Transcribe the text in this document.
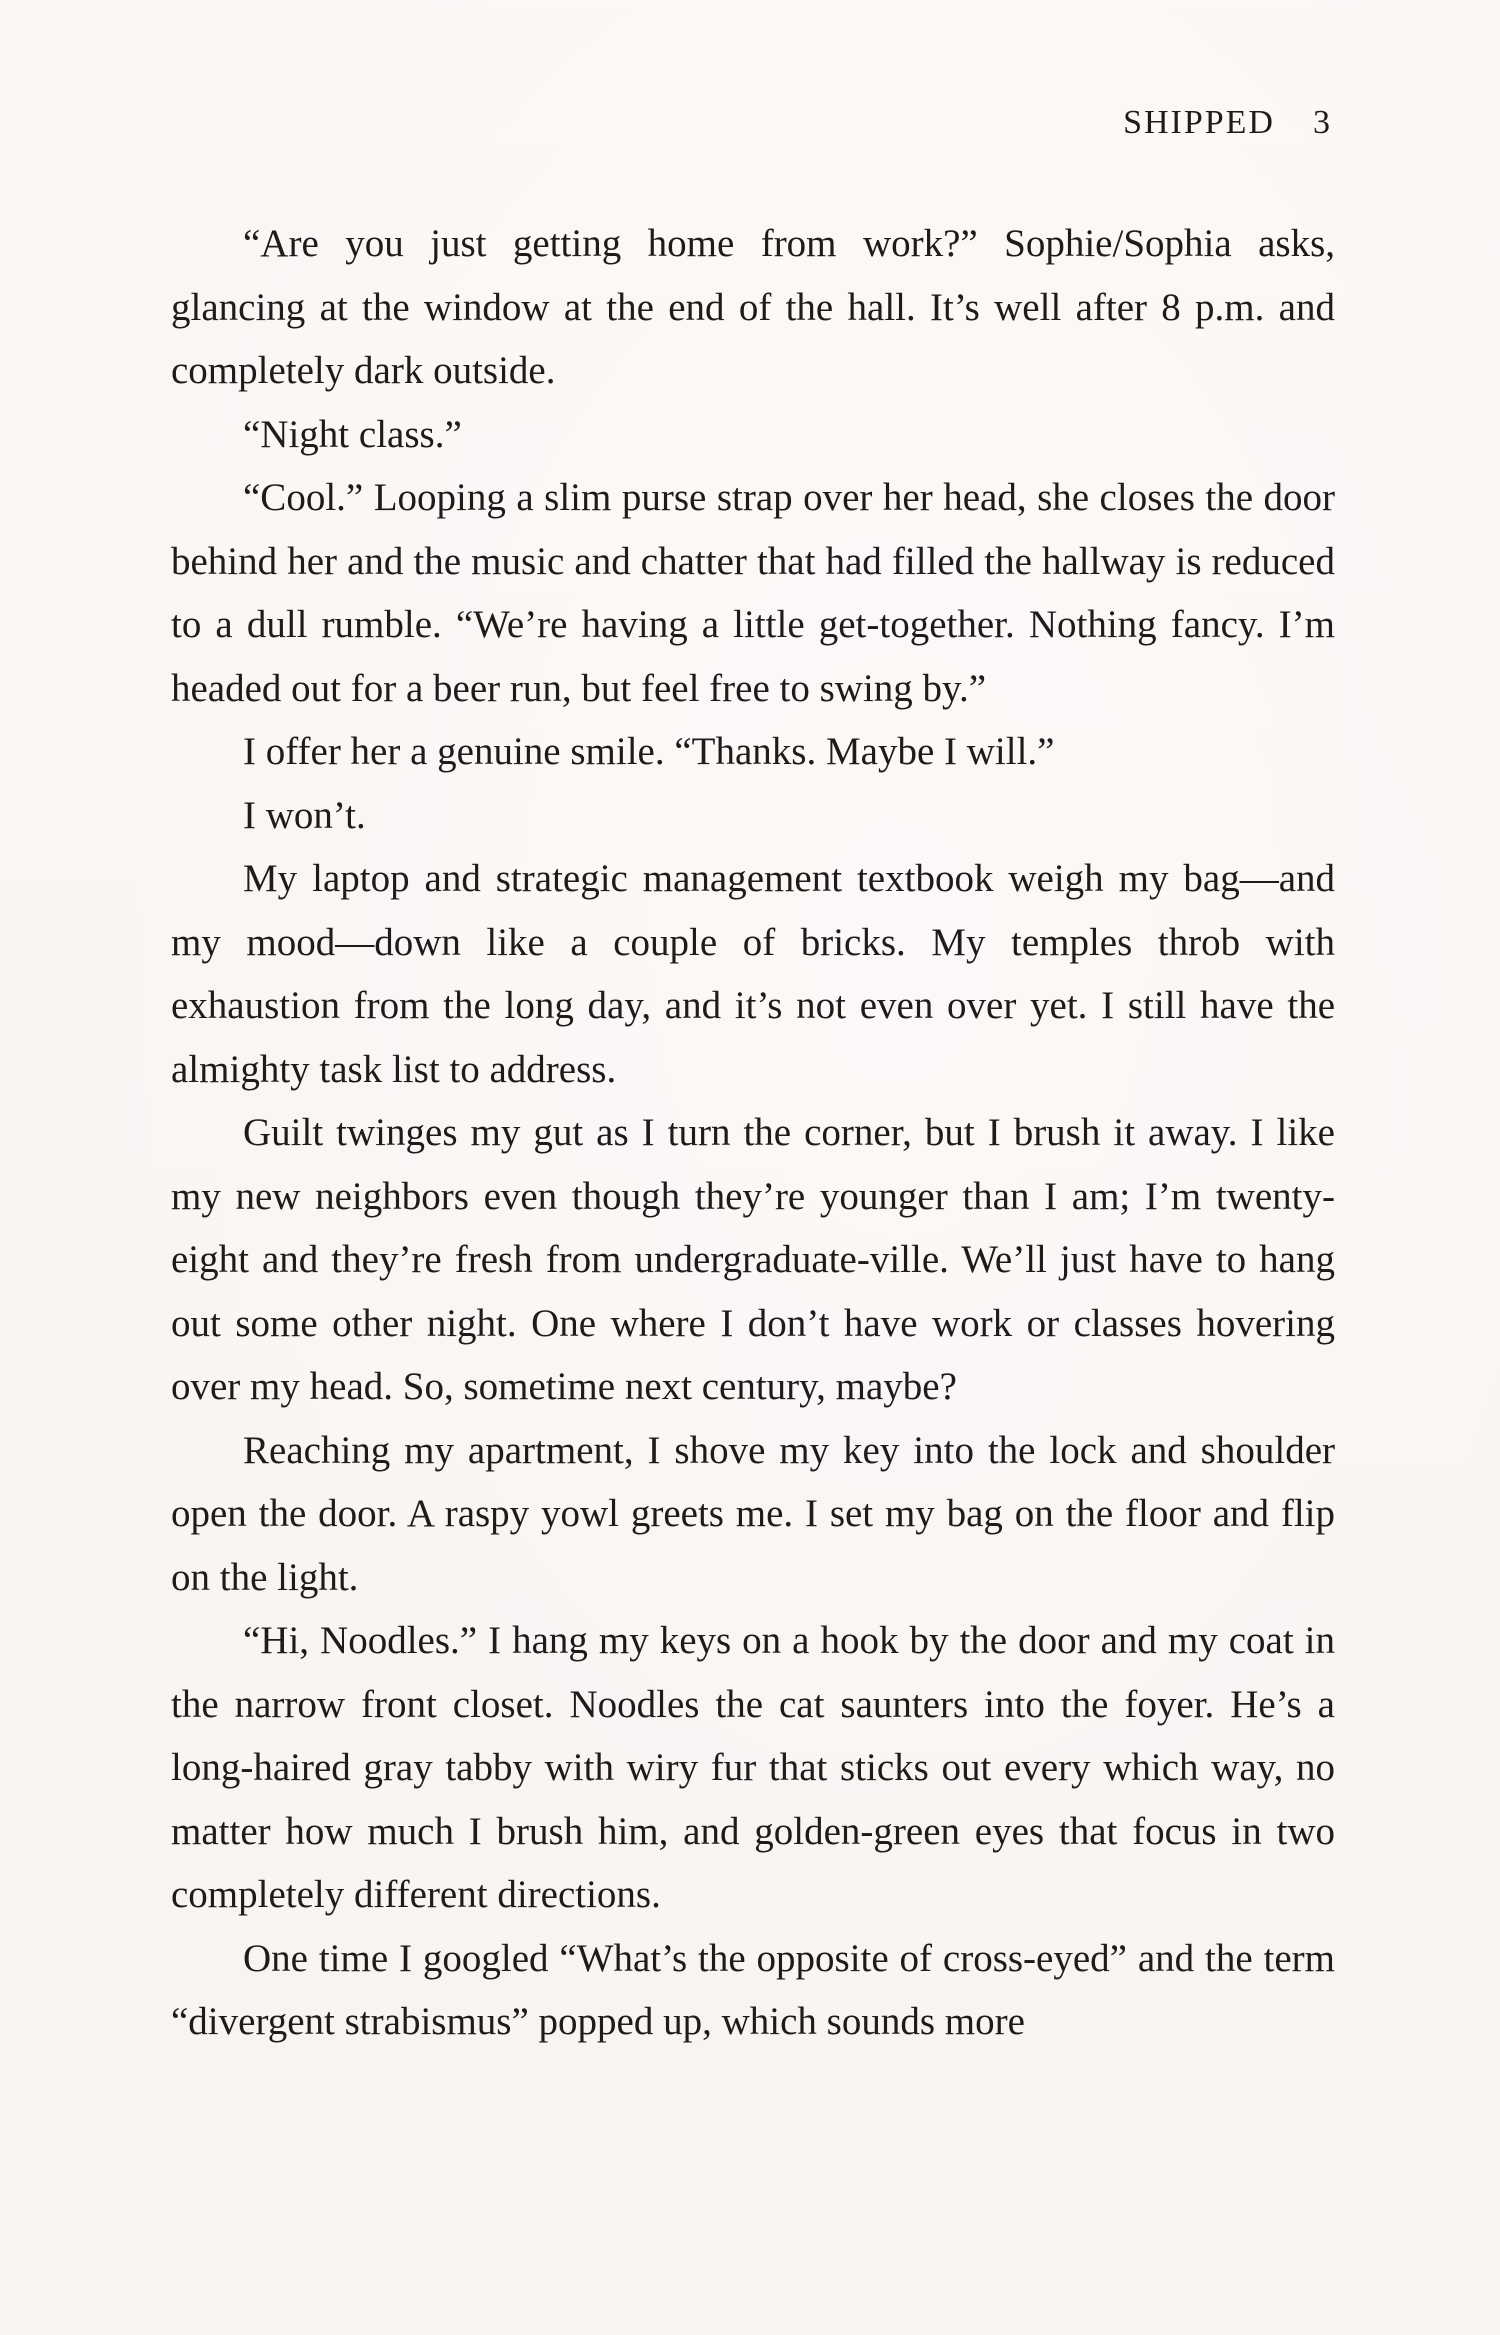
SHIPPED 3

“Are you just getting home from work?” Sophie/Sophia asks, glancing at the window at the end of the hall. It’s well after 8 p.m. and completely dark outside.

“Night class.”

“Cool.” Looping a slim purse strap over her head, she closes the door behind her and the music and chatter that had filled the hallway is reduced to a dull rumble. “We’re having a little get-together. Nothing fancy. I’m headed out for a beer run, but feel free to swing by.”

I offer her a genuine smile. “Thanks. Maybe I will.”

I won’t.

My laptop and strategic management textbook weigh my bag—and my mood—down like a couple of bricks. My temples throb with exhaustion from the long day, and it’s not even over yet. I still have the almighty task list to address.

Guilt twinges my gut as I turn the corner, but I brush it away. I like my new neighbors even though they’re younger than I am; I’m twenty-eight and they’re fresh from undergraduate-ville. We’ll just have to hang out some other night. One where I don’t have work or classes hovering over my head. So, sometime next century, maybe?

Reaching my apartment, I shove my key into the lock and shoulder open the door. A raspy yowl greets me. I set my bag on the floor and flip on the light.

“Hi, Noodles.” I hang my keys on a hook by the door and my coat in the narrow front closet. Noodles the cat saunters into the foyer. He’s a long-haired gray tabby with wiry fur that sticks out every which way, no matter how much I brush him, and golden-green eyes that focus in two completely different directions.

One time I googled “What’s the opposite of cross-eyed” and the term “divergent strabismus” popped up, which sounds more
